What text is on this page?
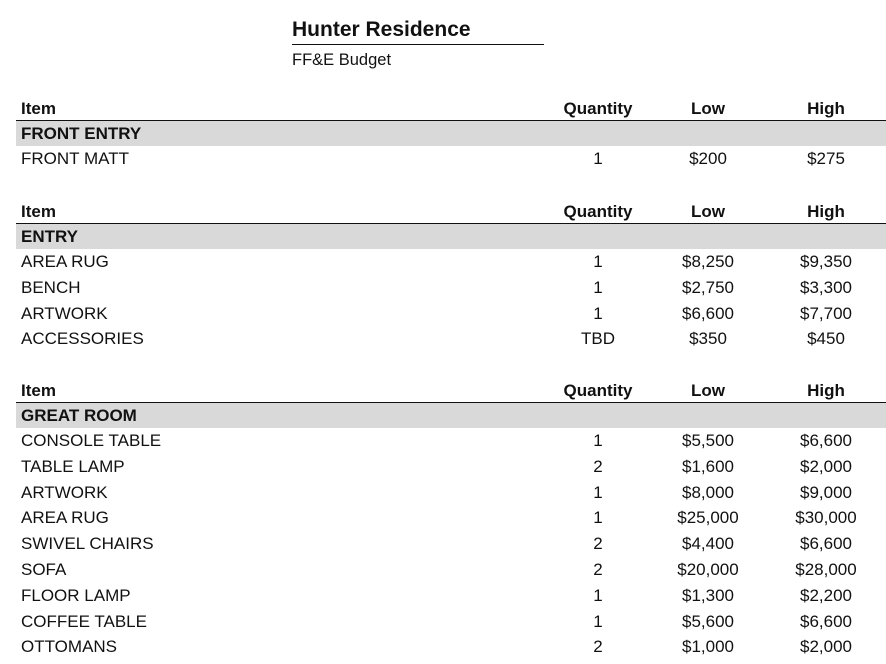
Hunter Residence
FF&E Budget
Item	Quantity	Low	High
FRONT ENTRY
FRONT MATT	1	$200	$275
Item	Quantity	Low	High
ENTRY
AREA RUG	1	$8,250	$9,350
BENCH	1	$2,750	$3,300
ARTWORK	1	$6,600	$7,700
ACCESSORIES	TBD	$350	$450
Item	Quantity	Low	High
GREAT ROOM
CONSOLE TABLE	1	$5,500	$6,600
TABLE LAMP	2	$1,600	$2,000
ARTWORK	1	$8,000	$9,000
AREA RUG	1	$25,000	$30,000
SWIVEL CHAIRS	2	$4,400	$6,600
SOFA	2	$20,000	$28,000
FLOOR LAMP	1	$1,300	$2,200
COFFEE TABLE	1	$5,600	$6,600
OTTOMANS	2	$1,000	$2,000
